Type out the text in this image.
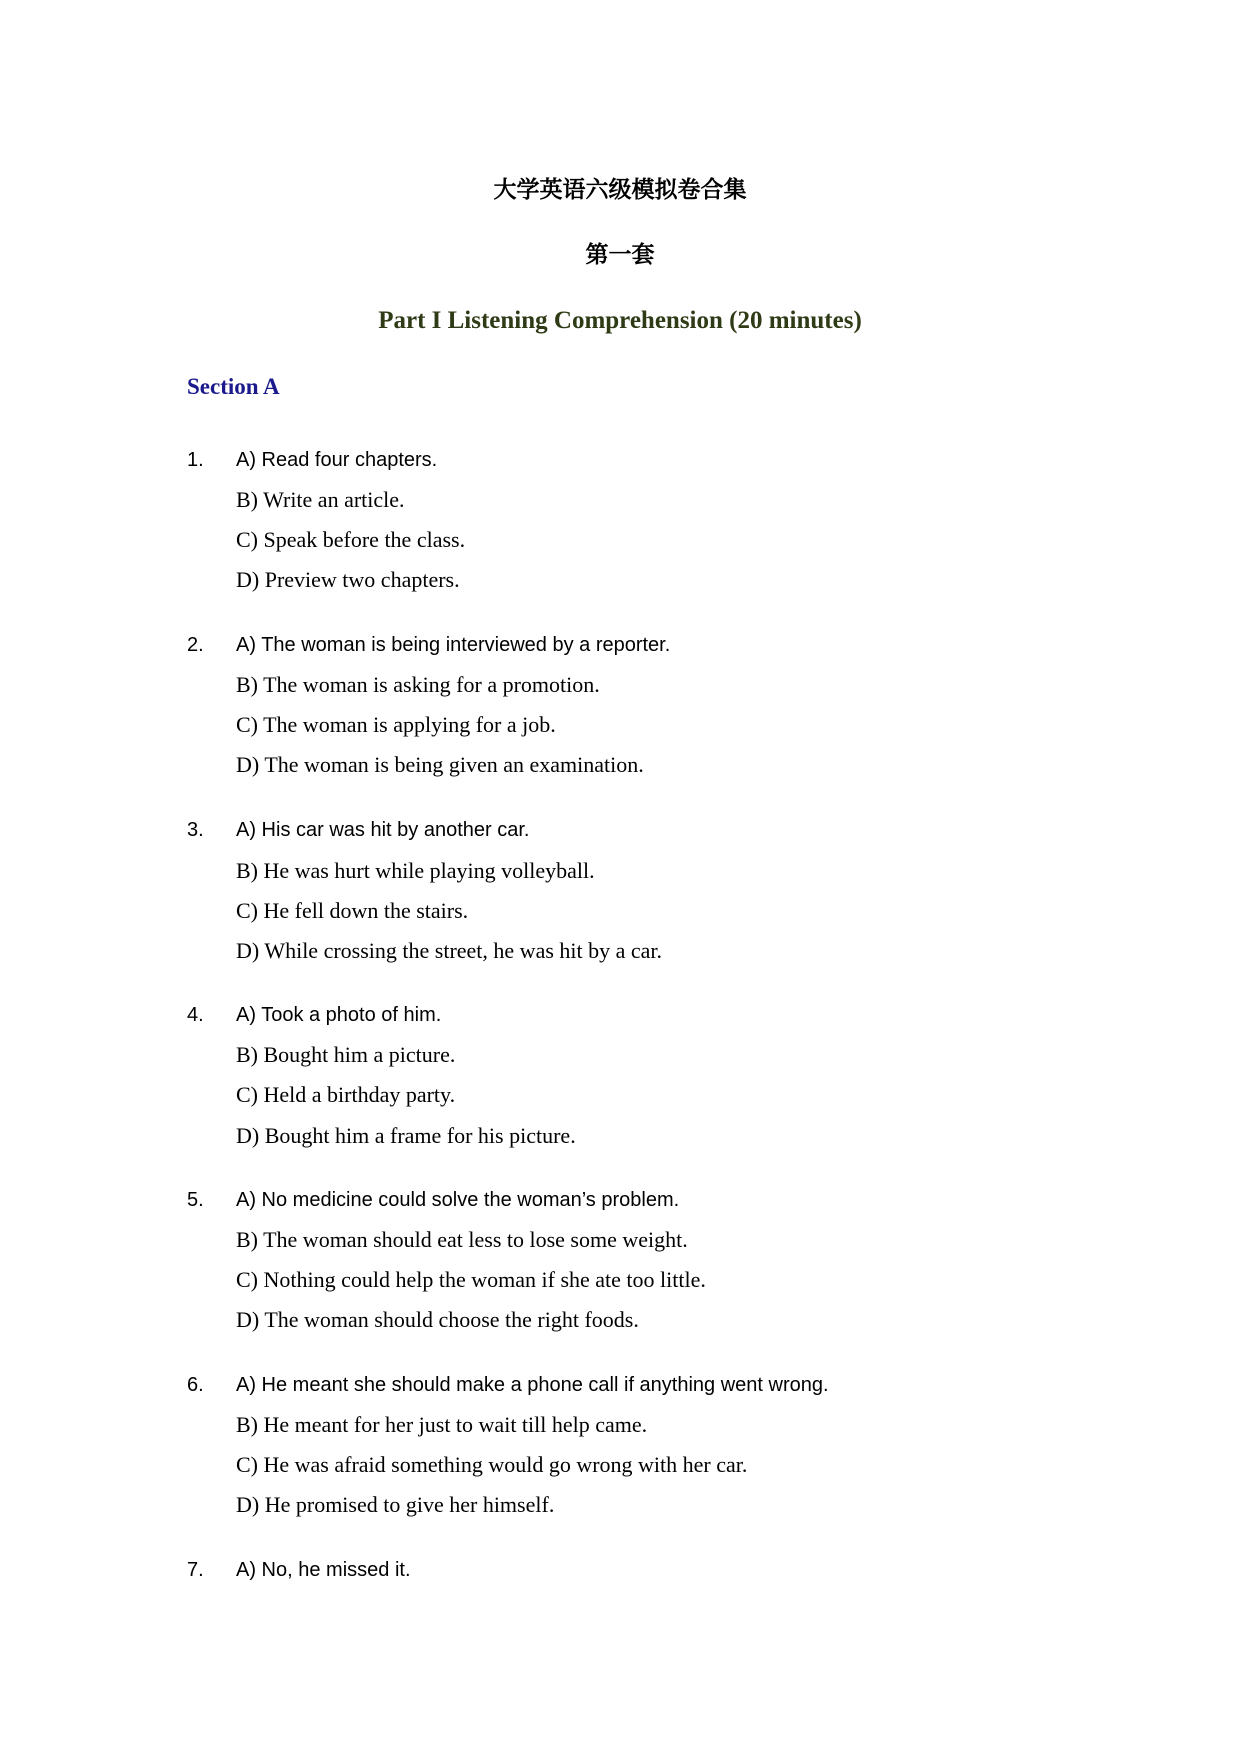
大学英语六级模拟卷合集
第一套
Part I Listening Comprehension (20 minutes)
Section A
1. A) Read four chapters.
B) Write an article.
C) Speak before the class.
D) Preview two chapters.
2. A) The woman is being interviewed by a reporter.
B) The woman is asking for a promotion.
C) The woman is applying for a job.
D) The woman is being given an examination.
3. A) His car was hit by another car.
B) He was hurt while playing volleyball.
C) He fell down the stairs.
D) While crossing the street, he was hit by a car.
4. A) Took a photo of him.
B) Bought him a picture.
C) Held a birthday party.
D) Bought him a frame for his picture.
5. A) No medicine could solve the woman’s problem.
B) The woman should eat less to lose some weight.
C) Nothing could help the woman if she ate too little.
D) The woman should choose the right foods.
6. A) He meant she should make a phone call if anything went wrong.
B) He meant for her just to wait till help came.
C) He was afraid something would go wrong with her car.
D) He promised to give her himself.
7. A) No, he missed it.
